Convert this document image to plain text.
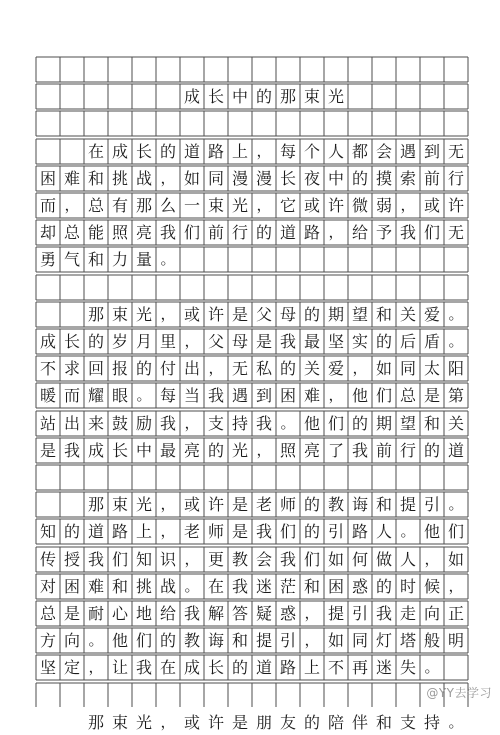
成 长 中 的 那 束 光
在 成 长 的 道 路 上 ， 每 个 人 都 会 遇 到 无
困 难 和 挑 战 ， 如 同 漫 漫 长 夜 中 的 摸 索 前 行
而 ， 总 有 那 么 一 束 光 ， 它 或 许 微 弱 ， 或 许
却 总 能 照 亮 我 们 前 行 的 道 路 ， 给 予 我 们 无
勇 气 和 力 量 。
那 束 光 ， 或 许 是 父 母 的 期 望 和 关 爱 。
成 长 的 岁 月 里 ， 父 母 是 我 最 坚 实 的 后 盾 。
不 求 回 报 的 付 出 ， 无 私 的 关 爱 ， 如 同 太 阳
暖 而 耀 眼 。 每 当 我 遇 到 困 难 ， 他 们 总 是 第
站 出 来 鼓 励 我 ， 支 持 我 。 他 们 的 期 望 和 关
是 我 成 长 中 最 亮 的 光 ， 照 亮 了 我 前 行 的 道
那 束 光 ， 或 许 是 老 师 的 教 诲 和 提 引 。
知 的 道 路 上 ， 老 师 是 我 们 的 引 路 人 。 他 们
传 授 我 们 知 识 ， 更 教 会 我 们 如 何 做 人 ， 如
对 困 难 和 挑 战 。 在 我 迷 茫 和 困 惑 的 时 候 ，
总 是 耐 心 地 给 我 解 答 疑 惑 ， 提 引 我 走 向 正
方 向 。 他 们 的 教 诲 和 提 引 ， 如 同 灯 塔 般 明
坚 定 ， 让 我 在 成 长 的 道 路 上 不 再 迷 失 。
那 束 光 ， 或 许 是 朋 友 的 陪 伴 和 支 持 。
@YY去学习
